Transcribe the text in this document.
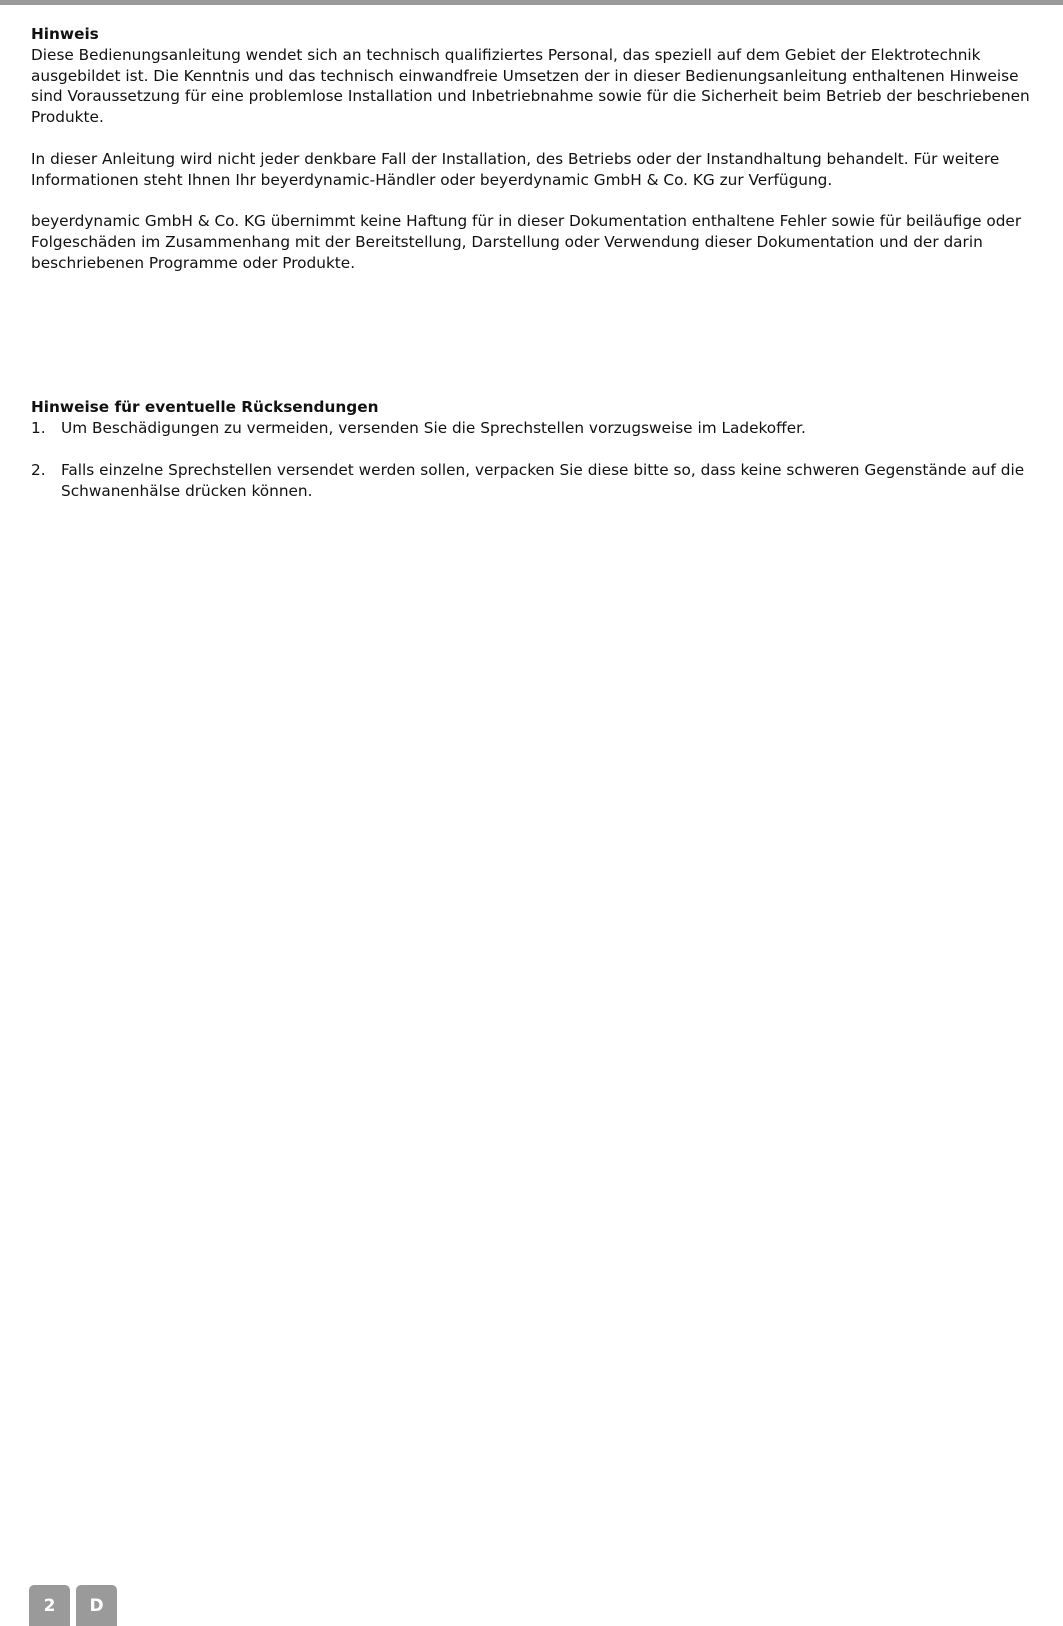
Hinweis

Diese Bedienungsanleitung wendet sich an technisch qualifiziertes Personal, das speziell auf dem Gebiet der Elektrotechnik ausgebildet ist. Die Kenntnis und das technisch einwandfreie Umsetzen der in dieser Bedienungsanleitung enthaltenen Hinweise sind Voraussetzung für eine problemlose Installation und Inbetriebnahme sowie für die Sicherheit beim Betrieb der beschriebenen Produkte.

In dieser Anleitung wird nicht jeder denkbare Fall der Installation, des Betriebs oder der Instandhaltung behandelt. Für weitere Informationen steht Ihnen Ihr beyerdynamic-Händler oder beyerdynamic GmbH & Co. KG zur Verfügung.

beyerdynamic GmbH & Co. KG übernimmt keine Haftung für in dieser Dokumentation enthaltene Fehler sowie für beiläufige oder Folgeschäden im Zusammenhang mit der Bereitstellung, Darstellung oder Verwendung dieser Dokumentation und der darin beschriebenen Programme oder Produkte.

Hinweise für eventuelle Rücksendungen
1. Um Beschädigungen zu vermeiden, versenden Sie die Sprechstellen vorzugsweise im Ladekoffer.
2. Falls einzelne Sprechstellen versendet werden sollen, verpacken Sie diese bitte so, dass keine schweren Gegenstände auf die Schwanenhälse drücken können.
2	D
